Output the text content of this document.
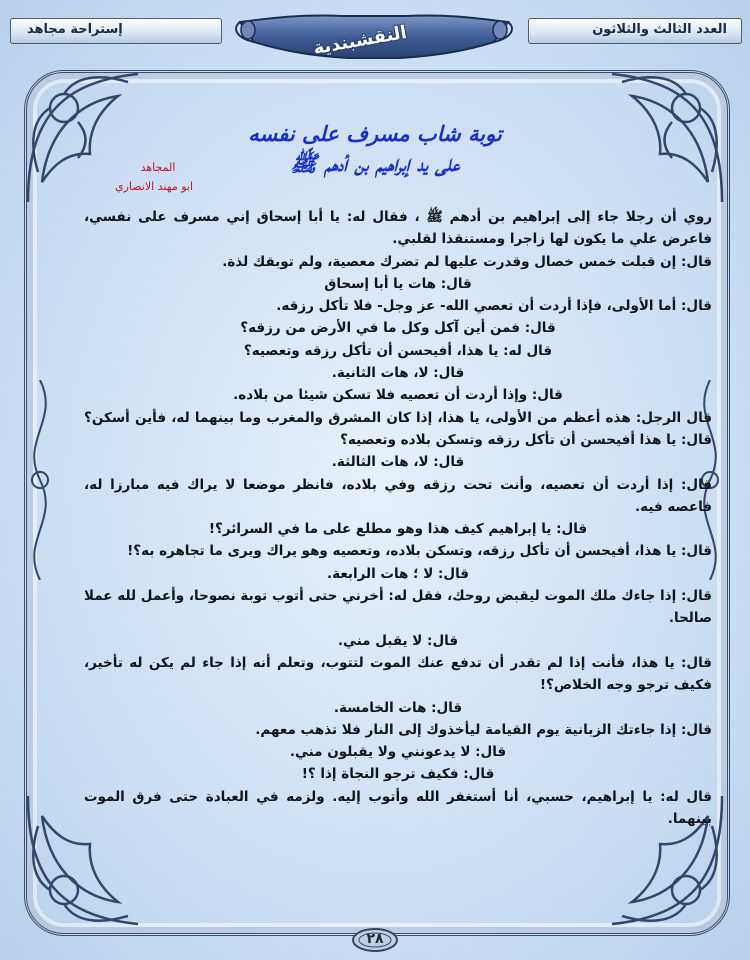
إستراحة مجاهد	العدد الثالث والثلاثون
النقشبندية
توبة شاب مسرف على نفسه
على يد إبراهيم بن أدهم ﷺ
المجاهد
ابو مهند الانصاري

روي أن رجلا جاء إلى إبراهيم بن أدهم ﷺ ، فقال له: يا أبا إسحاق إني مسرف على نفسي، فاعرض علي ما يكون لها زاجرا ومستنقذا لقلبي.

قال: إن قبلت خمس خصال وقدرت عليها لم تضرك معصية، ولم توبقك لذة.

قال: هات يا أبا إسحاق

قال: أما الأولى، فإذا أردت أن تعصي الله- عز وجل- فلا تأكل رزقه.

قال: فمن أين آكل وكل ما في الأرض من رزقه؟

قال له: يا هذا، أفيحسن أن تأكل رزقه وتعصيه؟

قال: لا، هات الثانية.

قال: وإذا أردت أن تعصيه فلا تسكن شيئا من بلاده.

قال الرجل: هذه أعظم من الأولى، يا هذا، إذا كان المشرق والمغرب وما بينهما له، فأين أسكن؟ قال: يا هذا أفيحسن أن تأكل رزقه وتسكن بلاده وتعصيه؟

قال: لا، هات الثالثة.

قال: إذا أردت أن تعصيه، وأنت تحت رزقه وفي بلاده، فانظر موضعا لا يراك فيه مبارزا له، فاعصه فيه.

قال: يا إبراهيم كيف هذا وهو مطلع على ما في السرائر؟!

قال: يا هذا، أفيحسن أن تأكل رزقه، وتسكن بلاده، وتعصيه وهو يراك ويرى ما تجاهره به؟!

قال: لا ؛ هات الرابعة.

قال: إذا جاءك ملك الموت ليقبض روحك، فقل له: أخرني حتى أتوب توبة نصوحا، وأعمل لله عملا صالحا.

قال: لا يقبل مني.

قال: يا هذا، فأنت إذا لم تقدر أن تدفع عنك الموت لتتوب، وتعلم أنه إذا جاء لم يكن له تأخير، فكيف ترجو وجه الخلاص؟!

قال: هات الخامسة.

قال: إذا جاءتك الزبانية يوم القيامة ليأخذوك إلى النار فلا تذهب معهم.

قال: لا يدعونني ولا يقبلون مني.

قال: فكيف ترجو النجاة إذا ؟!

قال له: يا إبراهيم، حسبي، أنا أستغفر الله وأتوب إليه. ولزمه في العبادة حتى فرق الموت بينهما.

٢٨
